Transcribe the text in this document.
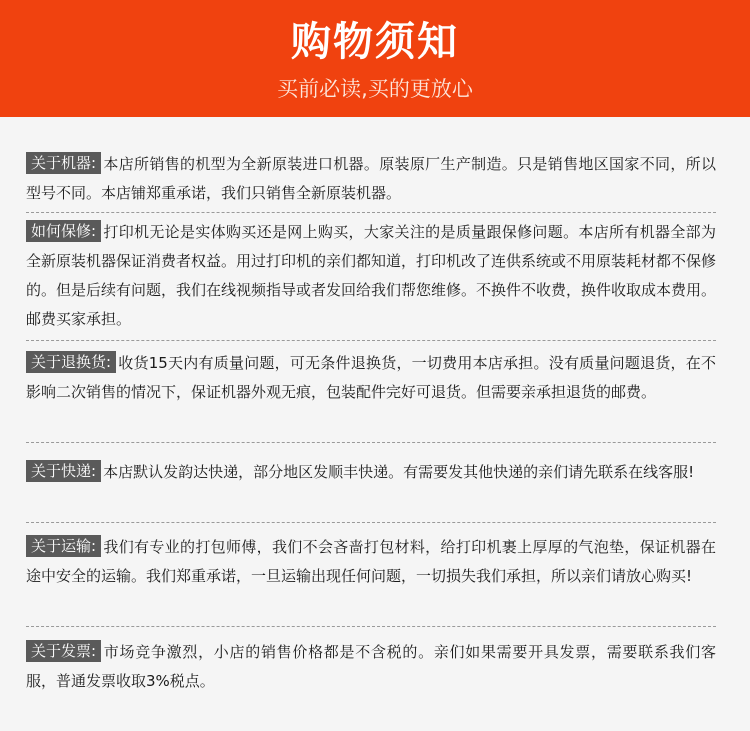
购物须知
买前必读,买的更放心
关于机器: 本店所销售的机型为全新原装进口机器。原装原厂生产制造。只是销售地区国家不同，所以型号不同。本店铺郑重承诺，我们只销售全新原装机器。
如何保修: 打印机无论是实体购买还是网上购买，大家关注的是质量跟保修问题。本店所有机器全部为全新原装机器保证消费者权益。用过打印机的亲们都知道，打印机改了连供系统或不用原装耗材都不保修的。但是后续有问题，我们在线视频指导或者发回给我们帮您维修。不换件不收费，换件收取成本费用。邮费买家承担。
关于退换货: 收货15天内有质量问题，可无条件退换货，一切费用本店承担。没有质量问题退货，在不影响二次销售的情况下，保证机器外观无痕，包装配件完好可退货。但需要亲承担退货的邮费。
关于快递: 本店默认发韵达快递，部分地区发顺丰快递。有需要发其他快递的亲们请先联系在线客服!
关于运输: 我们有专业的打包师傅，我们不会吝啬打包材料，给打印机裹上厚厚的气泡垫，保证机器在途中安全的运输。我们郑重承诺，一旦运输出现任何问题，一切损失我们承担，所以亲们请放心购买!
关于发票: 市场竞争激烈，小店的销售价格都是不含税的。亲们如果需要开具发票，需要联系我们客服，普通发票收取3%税点。
